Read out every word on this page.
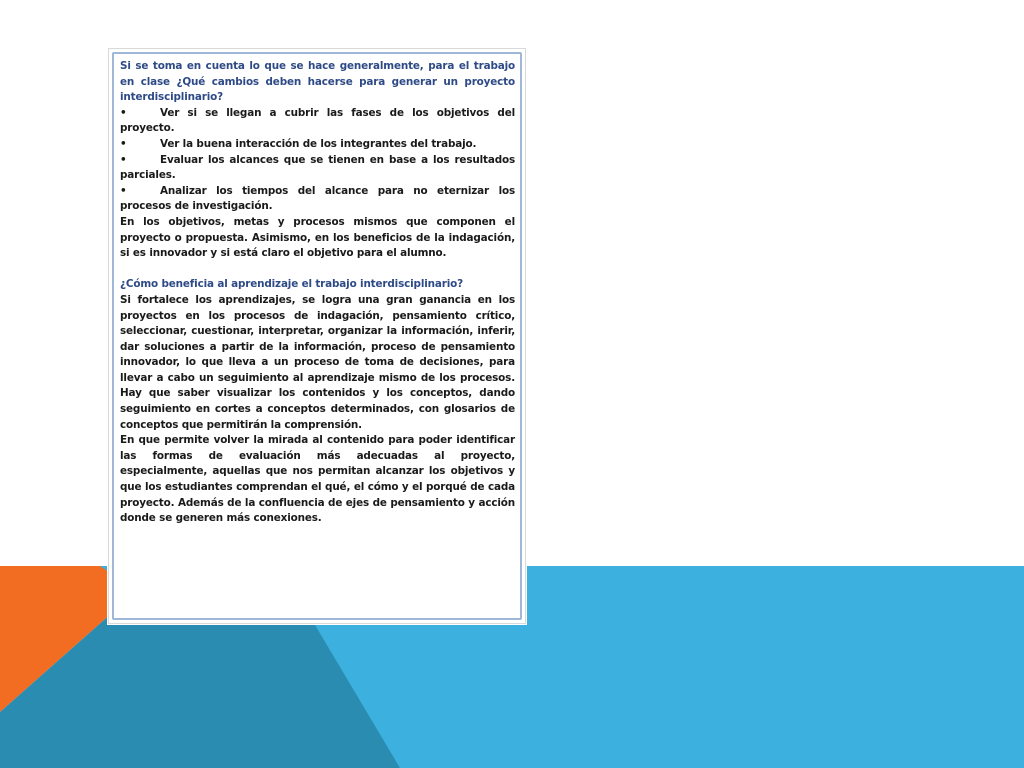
Si se toma en cuenta lo que se hace generalmente, para el trabajo en clase ¿Qué cambios deben hacerse para generar un proyecto interdisciplinario?

•	Ver si se llegan a cubrir las fases de los objetivos del proyecto.

•	Ver la buena interacción de los integrantes del trabajo.

•	Evaluar los alcances que se tienen en base a los resultados parciales.

•	Analizar los tiempos del alcance para no eternizar los procesos de investigación.

En los objetivos, metas y procesos mismos que componen el proyecto o propuesta. Asimismo, en los beneficios de la indagación, si es innovador y si está claro el objetivo para el alumno.

¿Cómo beneficia al aprendizaje el trabajo interdisciplinario?

Si fortalece los aprendizajes, se logra una gran ganancia en los proyectos en los procesos de indagación, pensamiento crítico, seleccionar, cuestionar, interpretar, organizar la información, inferir, dar soluciones a partir de la información, proceso de pensamiento innovador, lo que lleva a un proceso de toma de decisiones, para llevar a cabo un seguimiento al aprendizaje mismo de los procesos. Hay que saber visualizar los contenidos y los conceptos, dando seguimiento en cortes a conceptos determinados, con glosarios de conceptos que permitirán la comprensión.

En que permite volver la mirada al contenido para poder identificar las formas de evaluación más adecuadas al proyecto, especialmente, aquellas que nos permitan alcanzar los objetivos y que los estudiantes comprendan el qué, el cómo y el porqué de cada proyecto. Además de la confluencia de ejes de pensamiento y acción donde se generen más conexiones.
